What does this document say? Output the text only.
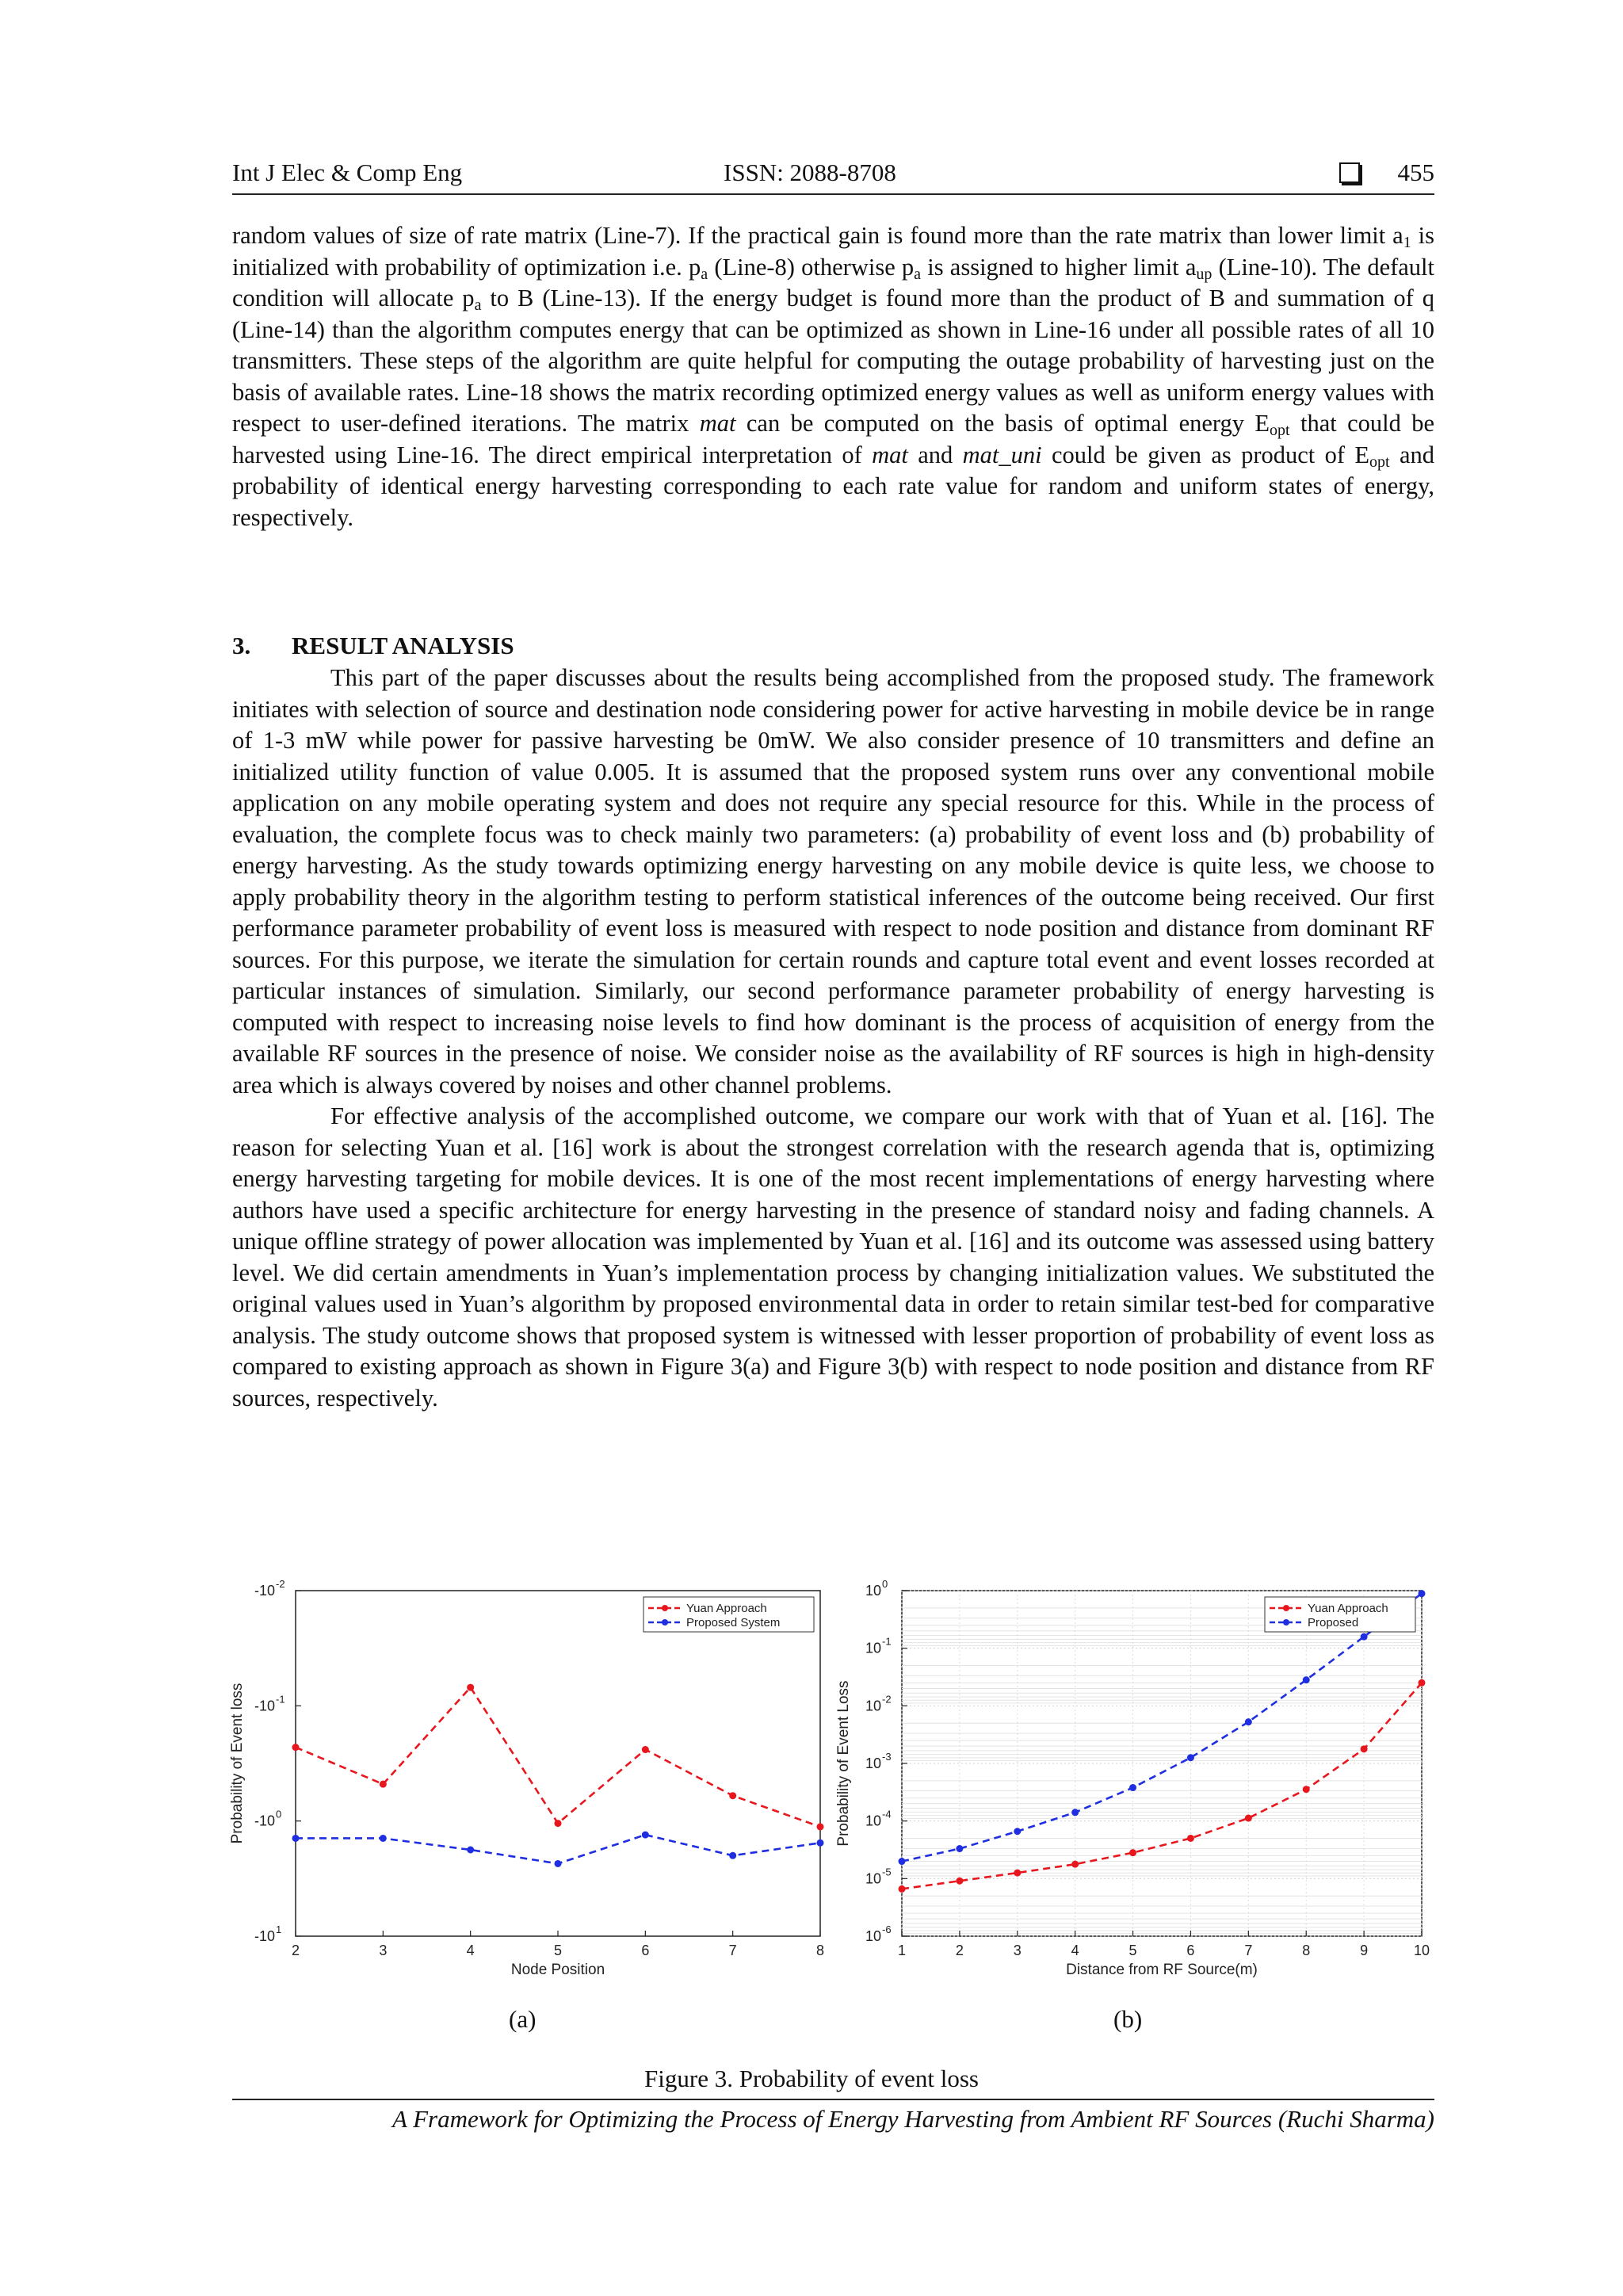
Int J Elec & Comp Eng	ISSN: 2088-8708	455

random values of size of rate matrix (Line-7). If the practical gain is found more than the rate matrix than lower limit $a_1$ is initialized with probability of optimization i.e. $p_a$ (Line-8) otherwise $p_a$ is assigned to higher limit $a_{up}$ (Line-10). The default condition will allocate $p_a$ to B (Line-13). If the energy budget is found more than the product of B and summation of q (Line-14) than the algorithm computes energy that can be optimized as shown in Line-16 under all possible rates of all 10 transmitters. These steps of the algorithm are quite helpful for computing the outage probability of harvesting just on the basis of available rates. Line-18 shows the matrix recording optimized energy values as well as uniform energy values with respect to user-defined iterations. The matrix mat can be computed on the basis of optimal energy $E_{opt}$ that could be harvested using Line-16. The direct empirical interpretation of mat and mat_uni could be given as product of $E_{opt}$ and probability of identical energy harvesting corresponding to each rate value for random and uniform states of energy, respectively.

3. RESULT ANALYSIS

This part of the paper discusses about the results being accomplished from the proposed study. The framework initiates with selection of source and destination node considering power for active harvesting in mobile device be in range of 1-3 mW while power for passive harvesting be 0mW. We also consider presence of 10 transmitters and define an initialized utility function of value 0.005. It is assumed that the proposed system runs over any conventional mobile application on any mobile operating system and does not require any special resource for this. While in the process of evaluation, the complete focus was to check mainly two parameters: (a) probability of event loss and (b) probability of energy harvesting. As the study towards optimizing energy harvesting on any mobile device is quite less, we choose to apply probability theory in the algorithm testing to perform statistical inferences of the outcome being received. Our first performance parameter probability of event loss is measured with respect to node position and distance from dominant RF sources. For this purpose, we iterate the simulation for certain rounds and capture total event and event losses recorded at particular instances of simulation. Similarly, our second performance parameter probability of energy harvesting is computed with respect to increasing noise levels to find how dominant is the process of acquisition of energy from the available RF sources in the presence of noise. We consider noise as the availability of RF sources is high in high-density area which is always covered by noises and other channel problems.

For effective analysis of the accomplished outcome, we compare our work with that of Yuan et al. [16]. The reason for selecting Yuan et al. [16] work is about the strongest correlation with the research agenda that is, optimizing energy harvesting targeting for mobile devices. It is one of the most recent implementations of energy harvesting where authors have used a specific architecture for energy harvesting in the presence of standard noisy and fading channels. A unique offline strategy of power allocation was implemented by Yuan et al. [16] and its outcome was assessed using battery level. We did certain amendments in Yuan’s implementation process by changing initialization values. We substituted the original values used in Yuan’s algorithm by proposed environmental data in order to retain similar test-bed for comparative analysis. The study outcome shows that proposed system is witnessed with lesser proportion of probability of event loss as compared to existing approach as shown in Figure 3(a) and Figure 3(b) with respect to node position and distance from RF sources, respectively.

2	3	4	5	6	7	8
-10 -2
-10 -1
-10 0
-10 1
Node Position
Probability of Event loss
Yuan Approach
Proposed System
1	2	3	4	5	6	7	8	9	10
10 0
10 -1
10 -2
10 -3
10 -4
10 -5
10 -6
Distance from RF Source(m)
Probability of Event Loss
Yuan Approach
Proposed
(a)	(b)
Figure 3. Probability of event loss
A Framework for Optimizing the Process of Energy Harvesting from Ambient RF Sources (Ruchi Sharma)
